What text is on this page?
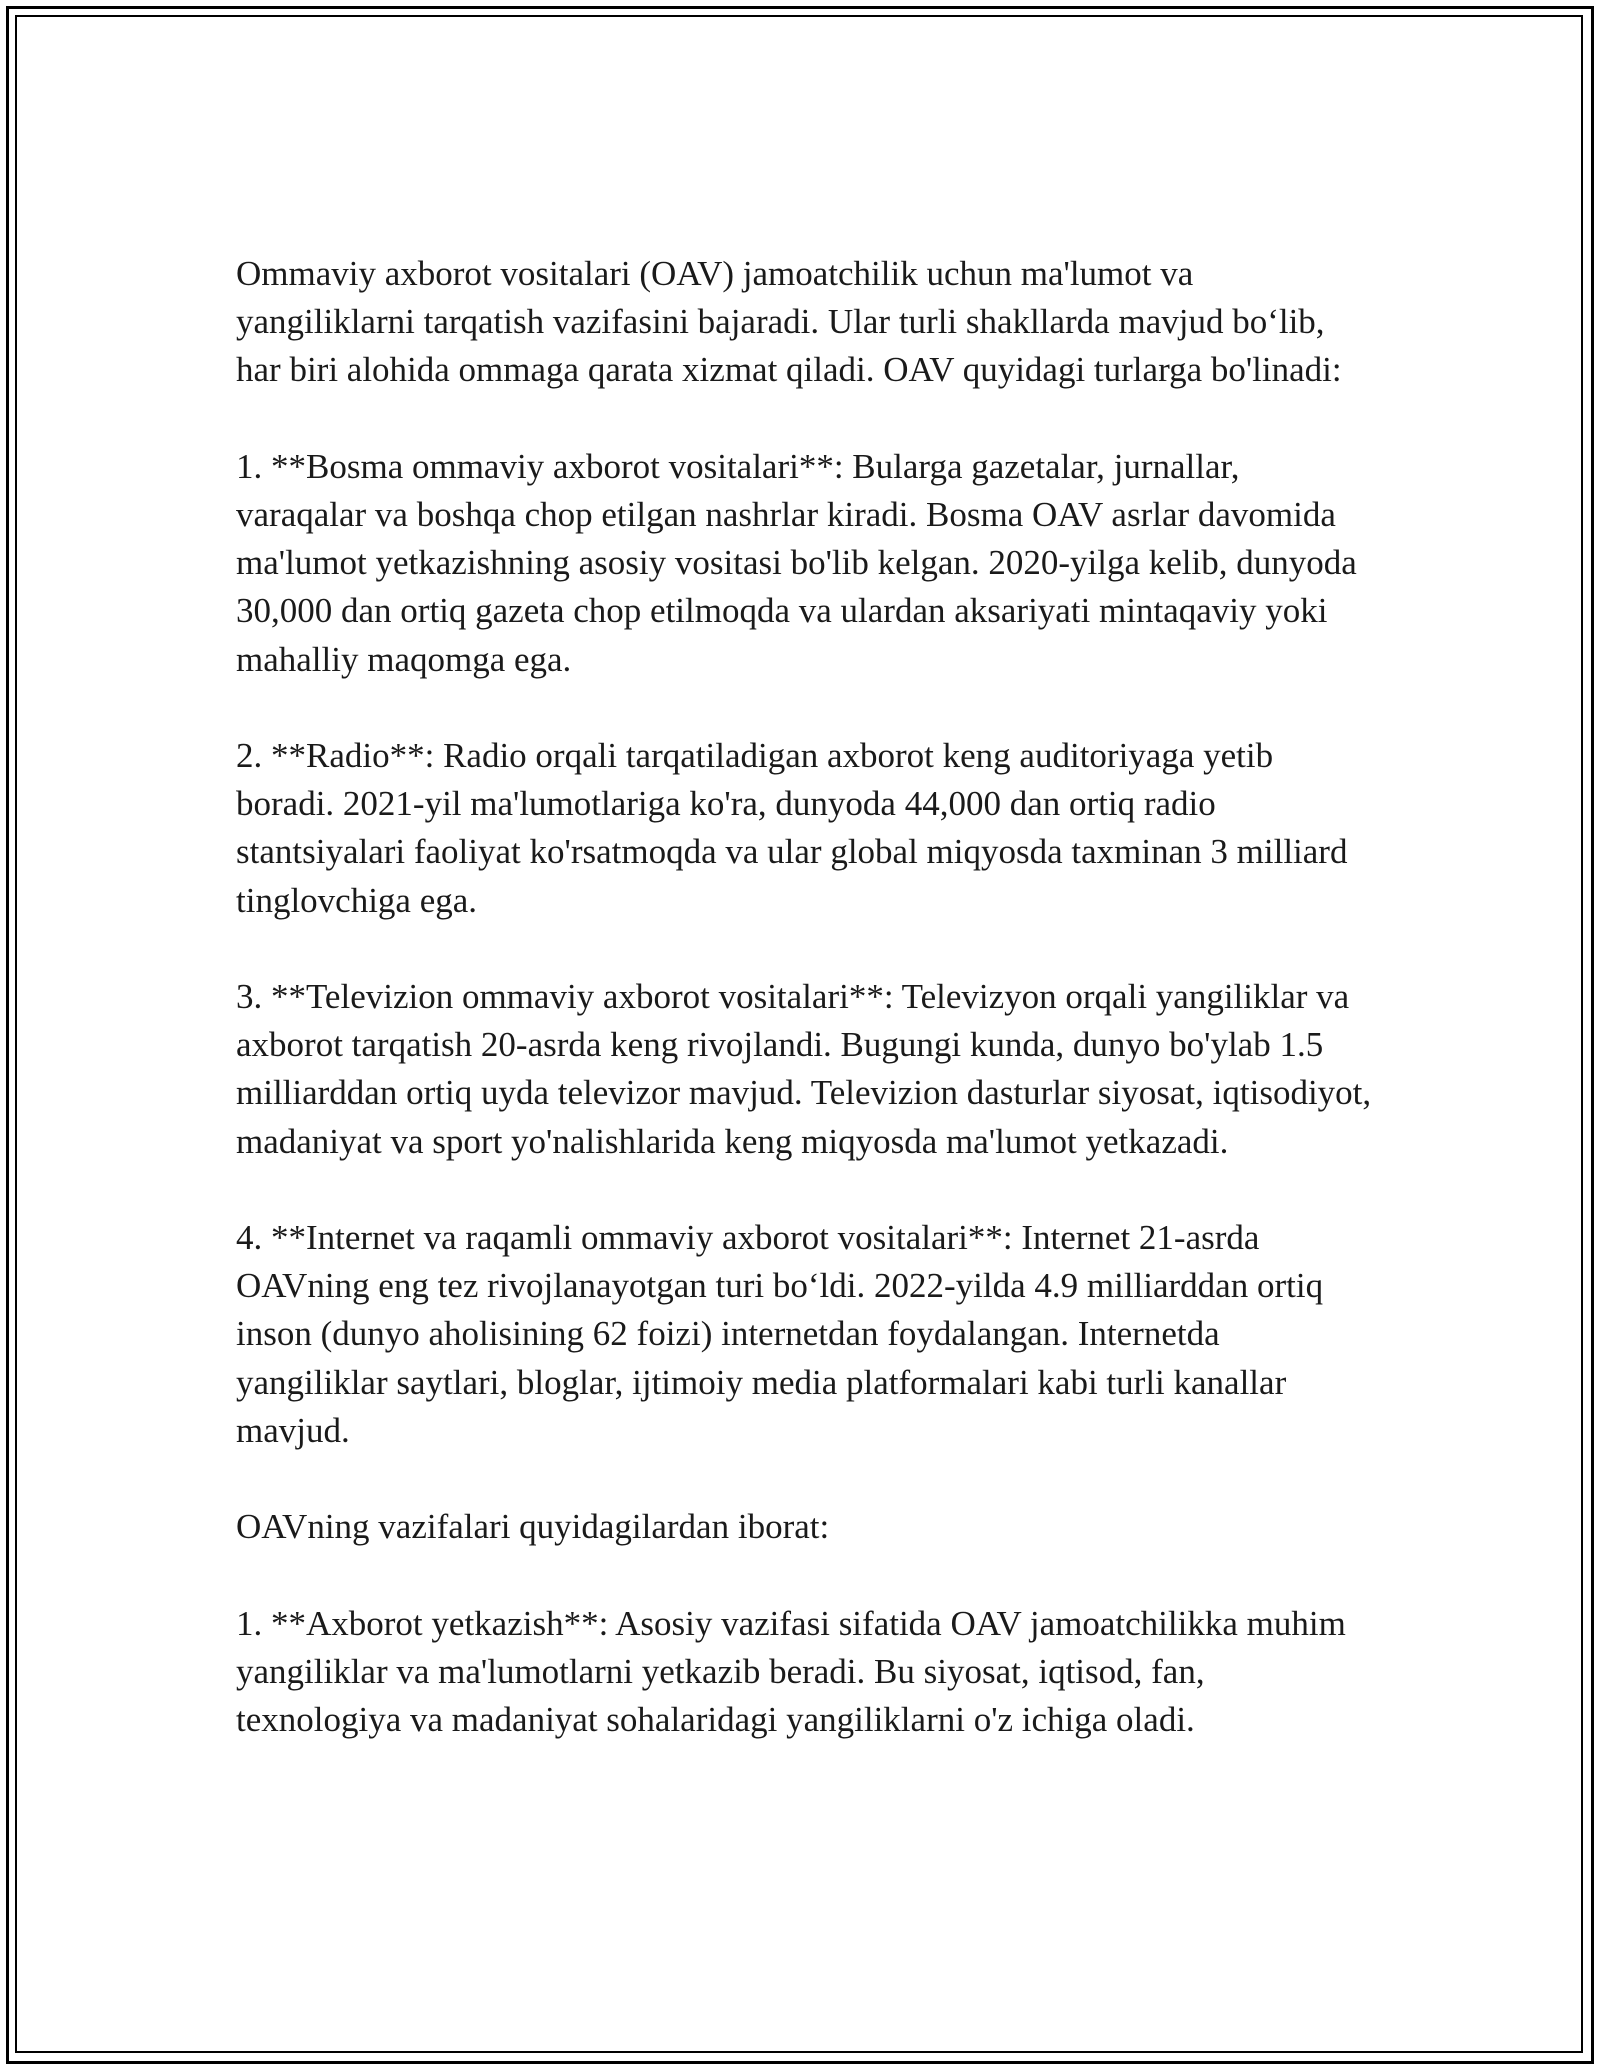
Ommaviy axborot vositalari (OAV) jamoatchilik uchun ma'lumot va yangiliklarni tarqatish vazifasini bajaradi. Ular turli shakllarda mavjud bo‘lib, har biri alohida ommaga qarata xizmat qiladi. OAV quyidagi turlarga bo'linadi:

1. **Bosma ommaviy axborot vositalari**: Bularga gazetalar, jurnallar, varaqalar va boshqa chop etilgan nashrlar kiradi. Bosma OAV asrlar davomida ma'lumot yetkazishning asosiy vositasi bo'lib kelgan. 2020-yilga kelib, dunyoda 30,000 dan ortiq gazeta chop etilmoqda va ulardan aksariyati mintaqaviy yoki mahalliy maqomga ega.

2. **Radio**: Radio orqali tarqatiladigan axborot keng auditoriyaga yetib boradi. 2021-yil ma'lumotlariga ko'ra, dunyoda 44,000 dan ortiq radio stantsiyalari faoliyat ko'rsatmoqda va ular global miqyosda taxminan 3 milliard tinglovchiga ega.

3. **Televizion ommaviy axborot vositalari**: Televizyon orqali yangiliklar va axborot tarqatish 20-asrda keng rivojlandi. Bugungi kunda, dunyo bo'ylab 1.5 milliarddan ortiq uyda televizor mavjud. Televizion dasturlar siyosat, iqtisodiyot, madaniyat va sport yo'nalishlarida keng miqyosda ma'lumot yetkazadi.

4. **Internet va raqamli ommaviy axborot vositalari**: Internet 21-asrda OAVning eng tez rivojlanayotgan turi bo‘ldi. 2022-yilda 4.9 milliarddan ortiq inson (dunyo aholisining 62 foizi) internetdan foydalangan. Internetda yangiliklar saytlari, bloglar, ijtimoiy media platformalari kabi turli kanallar mavjud.

OAVning vazifalari quyidagilardan iborat:

1. **Axborot yetkazish**: Asosiy vazifasi sifatida OAV jamoatchilikka muhim yangiliklar va ma'lumotlarni yetkazib beradi. Bu siyosat, iqtisod, fan, texnologiya va madaniyat sohalaridagi yangiliklarni o'z ichiga oladi.
